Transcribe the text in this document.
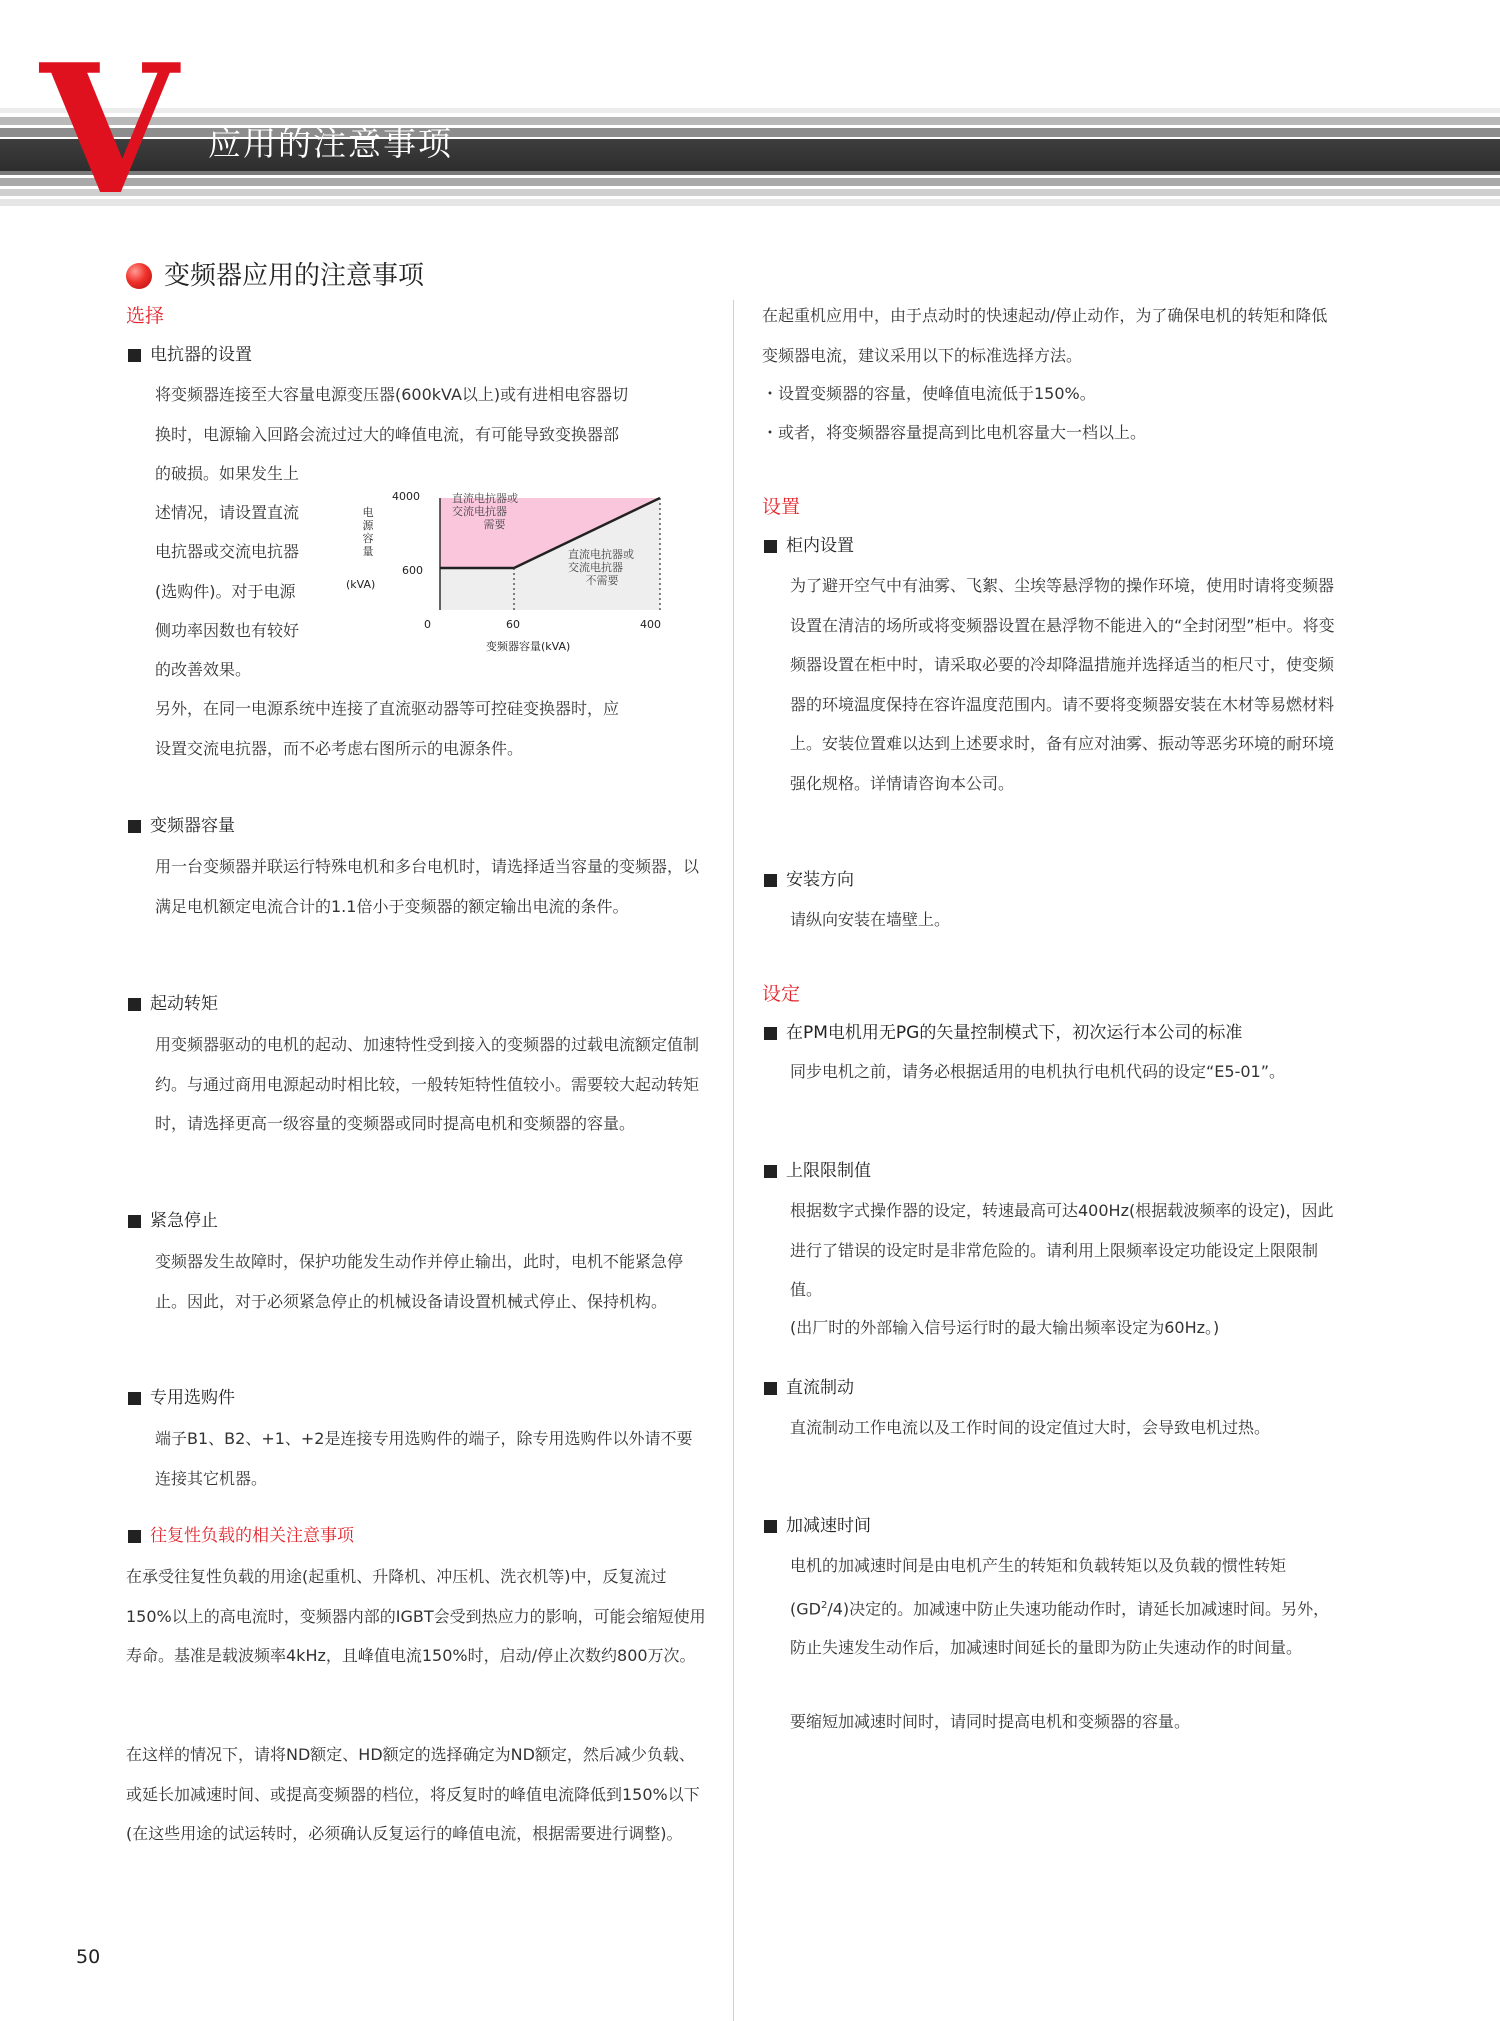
V 应用的注意事项
变频器应用的注意事项
选择
电抗器的设置
将变频器连接至大容量电源变压器(600kVA以上)或有进相电容器切
换时，电源输入回路会流过过大的峰值电流，有可能导致变换器部
的破损。如果发生上
述情况，请设置直流
电抗器或交流电抗器
(选购件)。对于电源
侧功率因数也有较好
的改善效果。
另外，在同一电源系统中连接了直流驱动器等可控硅变换器时，应
设置交流电抗器，而不必考虑右图所示的电源条件。
4000
600
0	60	400
变频器容量(kVA)
电源容量
(kVA)
直流电抗器或
交流电抗器
需要
直流电抗器或
交流电抗器
不需要
变频器容量

用一台变频器并联运行特殊电机和多台电机时，请选择适当容量的变频器，以满足电机额定电流合计的1.1倍小于变频器的额定输出电流的条件。

起动转矩

用变频器驱动的电机的起动、加速特性受到接入的变频器的过载电流额定值制约。与通过商用电源起动时相比较，一般转矩特性值较小。需要较大起动转矩时，请选择更高一级容量的变频器或同时提高电机和变频器的容量。

紧急停止

变频器发生故障时，保护功能发生动作并停止输出，此时，电机不能紧急停止。因此，对于必须紧急停止的机械设备请设置机械式停止、保持机构。

专用选购件

端子B1、B2、+1、+2是连接专用选购件的端子，除专用选购件以外请不要连接其它机器。

往复性负载的相关注意事项

在承受往复性负载的用途(起重机、升降机、冲压机、洗衣机等)中，反复流过150%以上的高电流时，变频器内部的IGBT会受到热应力的影响，可能会缩短使用寿命。基准是载波频率4kHz，且峰值电流150%时，启动/停止次数约800万次。

在这样的情况下，请将ND额定、HD额定的选择确定为ND额定，然后减少负载、或延长加减速时间、或提高变频器的档位，将反复时的峰值电流降低到150%以下(在这些用途的试运转时，必须确认反复运行的峰值电流，根据需要进行调整)。

在起重机应用中，由于点动时的快速起动/停止动作，为了确保电机的转矩和降低变频器电流，建议采用以下的标准选择方法。

・设置变频器的容量，使峰值电流低于150%。
・或者，将变频器容量提高到比电机容量大一档以上。
设置
柜内设置

为了避开空气中有油雾、飞絮、尘埃等悬浮物的操作环境，使用时请将变频器设置在清洁的场所或将变频器设置在悬浮物不能进入的“全封闭型”柜中。将变频器设置在柜中时，请采取必要的冷却降温措施并选择适当的柜尺寸，使变频器的环境温度保持在容许温度范围内。请不要将变频器安装在木材等易燃材料上。安装位置难以达到上述要求时，备有应对油雾、振动等恶劣环境的耐环境强化规格。详情请咨询本公司。

安装方向

请纵向安装在墙壁上。

设定
在PM电机用无PG的矢量控制模式下，初次运行本公司的标准

同步电机之前，请务必根据适用的电机执行电机代码的设定“E5-01”。

上限限制值

根据数字式操作器的设定，转速最高可达400Hz(根据载波频率的设定)，因此进行了错误的设定时是非常危险的。请利用上限频率设定功能设定上限限制值。

(出厂时的外部输入信号运行时的最大输出频率设定为60Hz。)
直流制动

直流制动工作电流以及工作时间的设定值过大时，会导致电机过热。

加减速时间

电机的加减速时间是由电机产生的转矩和负载转矩以及负载的惯性转矩$(GD^2/4)$决定的。加减速中防止失速功能动作时，请延长加减速时间。另外，防止失速发生动作后，加减速时间延长的量即为防止失速动作的时间量。

要缩短加减速时间时，请同时提高电机和变频器的容量。
50
